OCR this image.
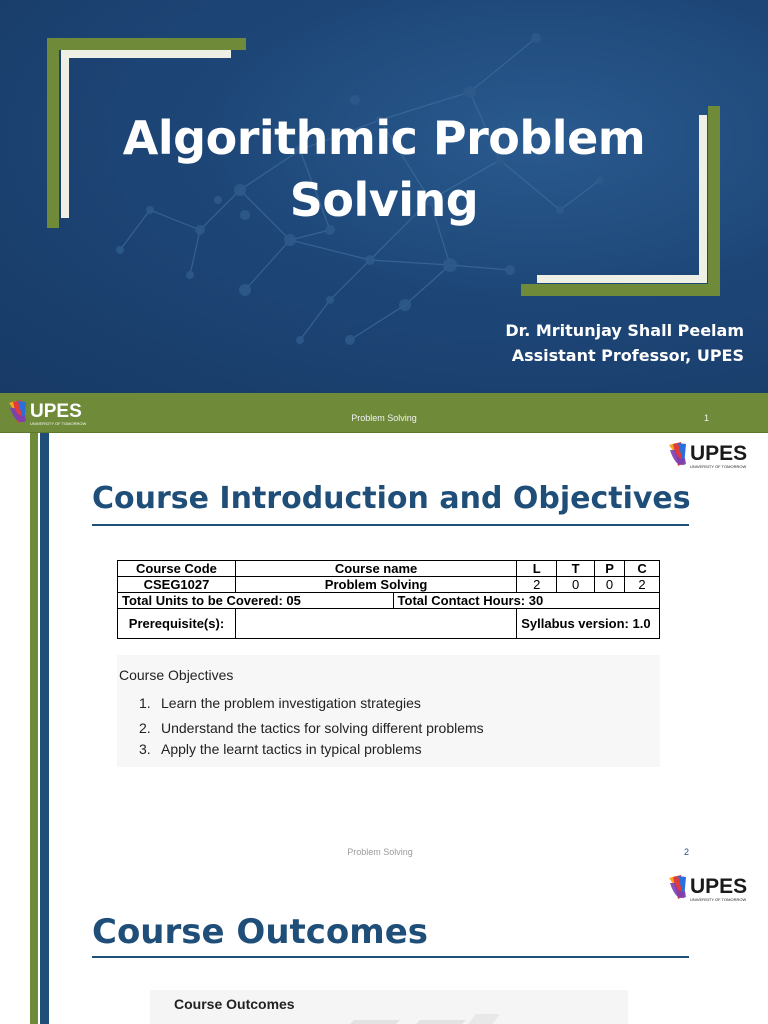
Algorithmic Problem
Solving
Dr. Mritunjay Shall Peelam
Assistant Professor, UPES
UPES
UNIVERSITY OF TOMORROW
Problem Solving	1
UPES
UNIVERSITY OF TOMORROW
Course Introduction and Objectives
Course Code	Course name		L	T	P	C
CSEG1027	Problem Solving		2	0	0	2
Total Units to be Covered: 05		Total Contact Hours: 30				
Prerequisite(s):			Syllabus version: 1.0			
Course Objectives
1. Learn the problem investigation strategies
2. Understand the tactics for solving different problems
3. Apply the learnt tactics in typical problems
Problem Solving	2
UPES
UNIVERSITY OF TOMORROW
Course Outcomes
Course Outcomes
